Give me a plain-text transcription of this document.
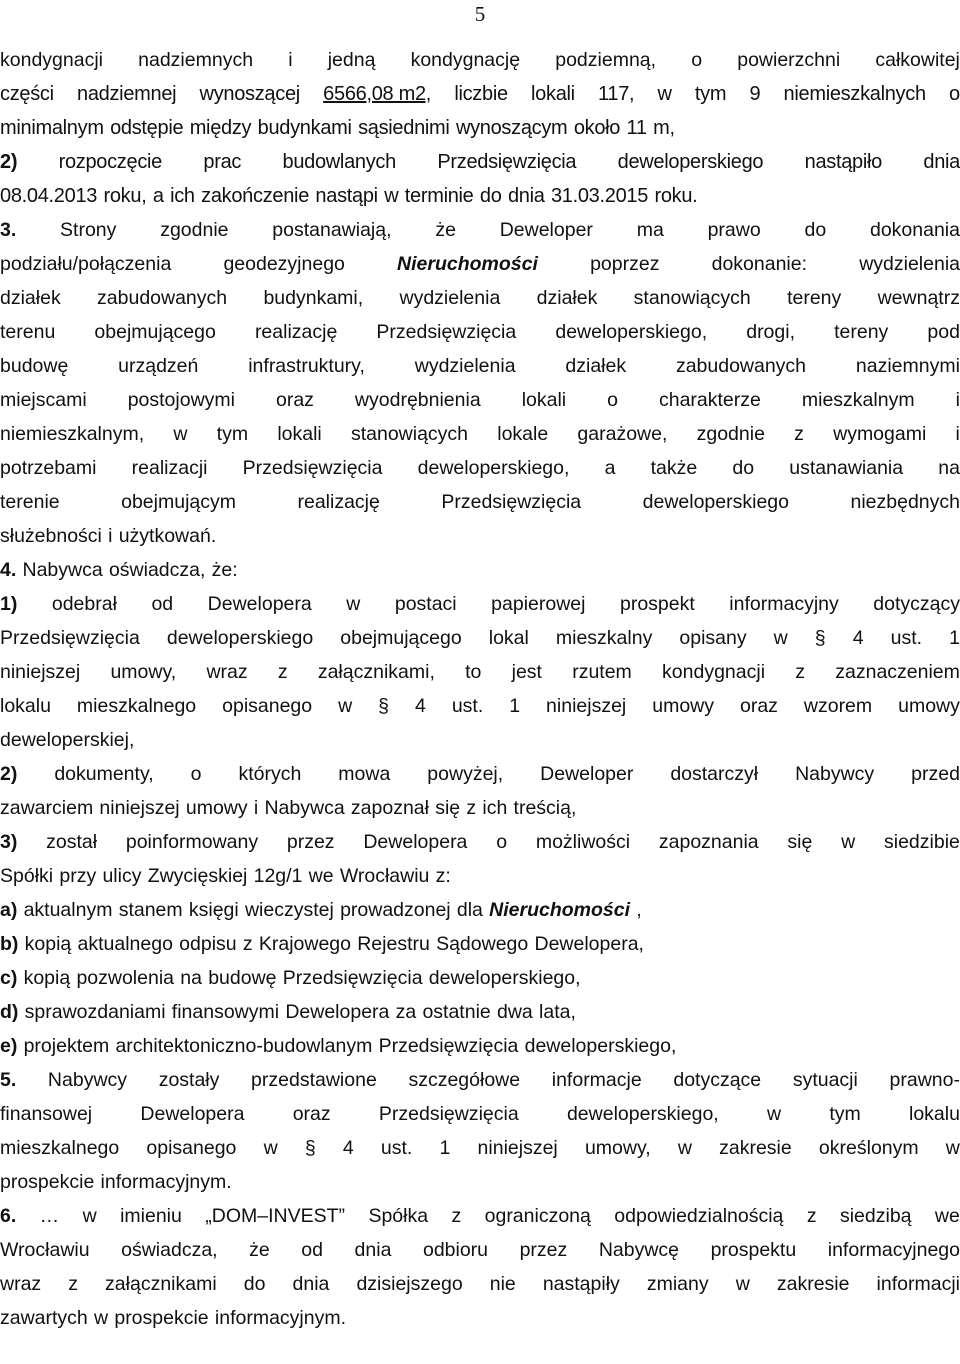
5
kondygnacji nadziemnych i jedną kondygnację podziemną, o powierzchni całkowitej
części nadziemnej wynoszącej 6566,08 m2, liczbie lokali 117, w tym 9 niemieszkalnych o
minimalnym odstępie między budynkami sąsiednimi wynoszącym około 11 m,
2) rozpoczęcie prac budowlanych Przedsięwzięcia deweloperskiego nastąpiło dnia
08.04.2013 roku, a ich zakończenie nastąpi w terminie do dnia 31.03.2015 roku.
3. Strony zgodnie postanawiają, że Deweloper ma prawo do dokonania
podziału/połączenia	geodezyjnego	Nieruchomości	poprzez	dokonanie:	wydzielenia
działek zabudowanych budynkami, wydzielenia działek stanowiących tereny wewnątrz
terenu obejmującego realizację Przedsięwzięcia deweloperskiego, drogi, tereny pod
budowę	urządzeń	infrastruktury,	wydzielenia	działek	zabudowanych	naziemnymi
miejscami postojowymi oraz wyodrębnienia lokali o charakterze mieszkalnym i
niemieszkalnym, w tym lokali stanowiących lokale garażowe, zgodnie z wymogami i
potrzebami realizacji Przedsięwzięcia deweloperskiego, a także do ustanawiania na
terenie	obejmującym	realizację	Przedsięwzięcia	deweloperskiego	niezbędnych
służebności i użytkowań.
4. Nabywca oświadcza, że:
1) odebrał od Dewelopera w postaci papierowej prospekt informacyjny dotyczący
Przedsięwzięcia deweloperskiego obejmującego lokal mieszkalny opisany w § 4 ust. 1
niniejszej umowy, wraz z załącznikami, to jest rzutem kondygnacji z zaznaczeniem
lokalu mieszkalnego opisanego w § 4 ust. 1 niniejszej umowy oraz wzorem umowy
deweloperskiej,
2) dokumenty, o których mowa powyżej, Deweloper dostarczył Nabywcy przed
zawarciem niniejszej umowy i Nabywca zapoznał się z ich treścią,
3) został poinformowany przez Dewelopera o możliwości zapoznania się w siedzibie
Spółki przy ulicy Zwycięskiej 12g/1 we Wrocławiu z:
a) aktualnym stanem księgi wieczystej prowadzonej dla Nieruchomości ,
b) kopią aktualnego odpisu z Krajowego Rejestru Sądowego Dewelopera,
c) kopią pozwolenia na budowę Przedsięwzięcia deweloperskiego,
d) sprawozdaniami finansowymi Dewelopera za ostatnie dwa lata,
e) projektem architektoniczno-budowlanym Przedsięwzięcia deweloperskiego,
5. Nabywcy zostały przedstawione szczegółowe informacje dotyczące sytuacji prawno-
finansowej Dewelopera oraz Przedsięwzięcia deweloperskiego, w tym lokalu
mieszkalnego opisanego w § 4 ust. 1 niniejszej umowy, w zakresie określonym w
prospekcie informacyjnym.
6. … w imieniu „DOM–INVEST” Spółka z ograniczoną odpowiedzialnością z siedzibą we
Wrocławiu oświadcza, że od dnia odbioru przez Nabywcę prospektu informacyjnego
wraz z załącznikami do dnia dzisiejszego nie nastąpiły zmiany w zakresie informacji
zawartych w prospekcie informacyjnym.
